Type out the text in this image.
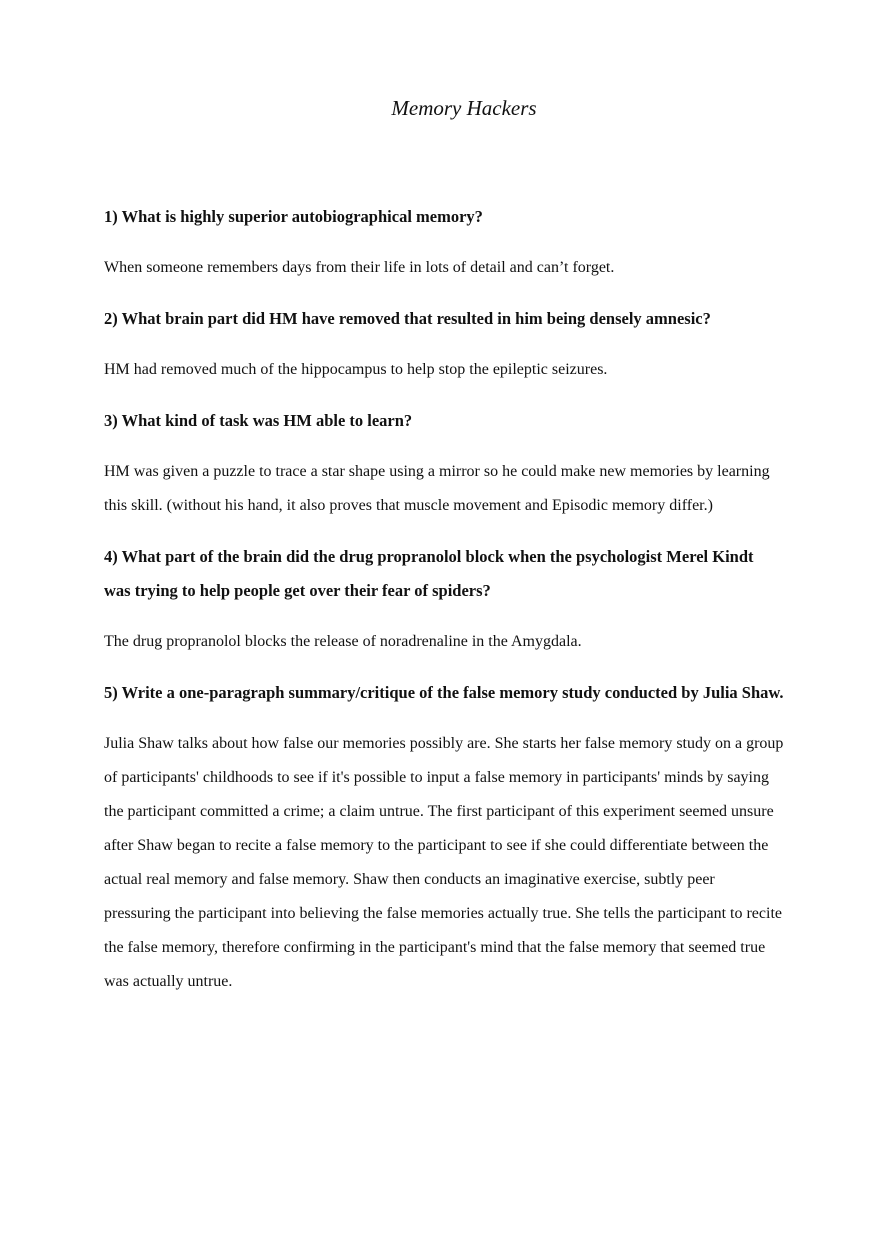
Memory Hackers

1) What is highly superior autobiographical memory?

When someone remembers days from their life in lots of detail and can’t forget.

2) What brain part did HM have removed that resulted in him being densely amnesic?

HM had removed much of the hippocampus to help stop the epileptic seizures.

3) What kind of task was HM able to learn?

HM was given a puzzle to trace a star shape using a mirror so he could make new memories by learning this skill. (without his hand, it also proves that muscle movement and Episodic memory differ.)

4) What part of the brain did the drug propranolol block when the psychologist Merel Kindt was trying to help people get over their fear of spiders?

The drug propranolol blocks the release of noradrenaline in the Amygdala.

5) Write a one-paragraph summary/critique of the false memory study conducted by Julia Shaw.

Julia Shaw talks about how false our memories possibly are. She starts her false memory study on a group of participants' childhoods to see if it's possible to input a false memory in participants' minds by saying the participant committed a crime; a claim untrue. The first participant of this experiment seemed unsure after Shaw began to recite a false memory to the participant to see if she could differentiate between the actual real memory and false memory. Shaw then conducts an imaginative exercise, subtly peer pressuring the participant into believing the false memories actually true. She tells the participant to recite the false memory, therefore confirming in the participant's mind that the false memory that seemed true was actually untrue.
